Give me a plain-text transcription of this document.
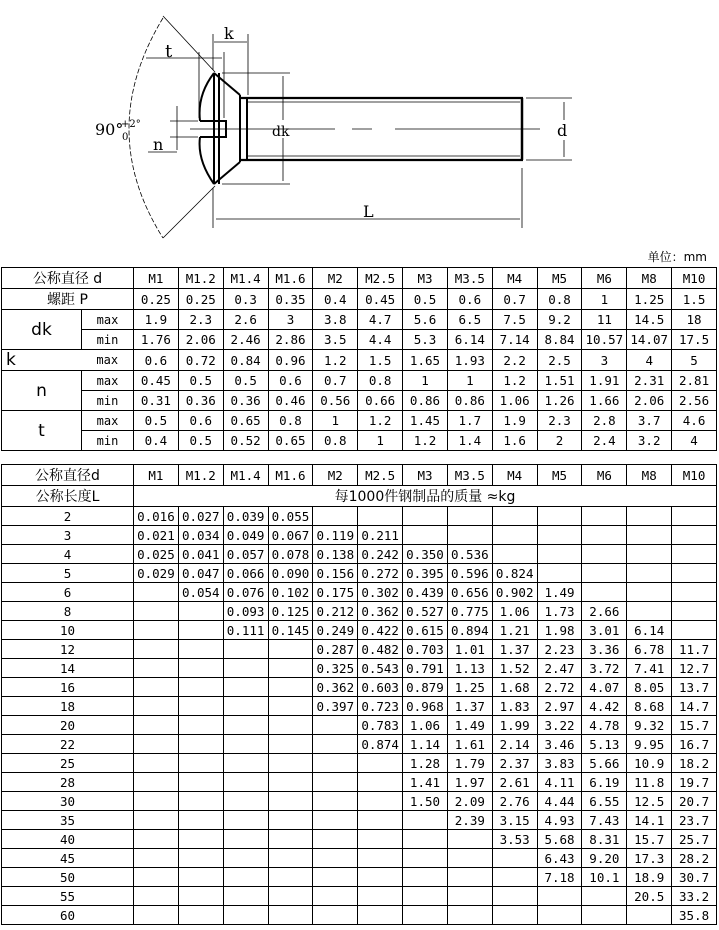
k
t
n
90°
+2°
0	dk	d
L
单位：mm
公称直径 d		M1	M1.2	M1.4	M1.6	M2	M2.5	M3	M3.5	M4	M5	M6	M8	M10
螺距 P		0.25	0.25	0.3	0.35	0.4	0.45	0.5	0.6	0.7	0.8	1	1.25	1.5
dk	max	1.9	2.3	2.6	3	3.8	4.7	5.6	6.5	7.5	9.2	11	14.5	18
	min	1.76	2.06	2.46	2.86	3.5	4.4	5.3	6.14	7.14	8.84	10.57	14.07	17.5
k	max	0.6	0.72	0.84	0.96	1.2	1.5	1.65	1.93	2.2	2.5	3	4	5
n	max	0.45	0.5	0.5	0.6	0.7	0.8	1	1	1.2	1.51	1.91	2.31	2.81
	min	0.31	0.36	0.36	0.46	0.56	0.66	0.86	0.86	1.06	1.26	1.66	2.06	2.56
t	max	0.5	0.6	0.65	0.8	1	1.2	1.45	1.7	1.9	2.3	2.8	3.7	4.6
	min	0.4	0.5	0.52	0.65	0.8	1	1.2	1.4	1.6	2	2.4	3.2	4
公称直径d	M1	M1.2	M1.4	M1.6	M2	M2.5	M3	M3.5	M4	M5	M6	M8	M10
公称长度L	每1000件钢制品的质量 ≈kg												
2	0.016	0.027	0.039	0.055									
3	0.021	0.034	0.049	0.067	0.119	0.211							
4	0.025	0.041	0.057	0.078	0.138	0.242	0.350	0.536					
5	0.029	0.047	0.066	0.090	0.156	0.272	0.395	0.596	0.824				
6		0.054	0.076	0.102	0.175	0.302	0.439	0.656	0.902	1.49			
8			0.093	0.125	0.212	0.362	0.527	0.775	1.06	1.73	2.66		
10			0.111	0.145	0.249	0.422	0.615	0.894	1.21	1.98	3.01	6.14	
12					0.287	0.482	0.703	1.01	1.37	2.23	3.36	6.78	11.7
14					0.325	0.543	0.791	1.13	1.52	2.47	3.72	7.41	12.7
16					0.362	0.603	0.879	1.25	1.68	2.72	4.07	8.05	13.7
18					0.397	0.723	0.968	1.37	1.83	2.97	4.42	8.68	14.7
20						0.783	1.06	1.49	1.99	3.22	4.78	9.32	15.7
22						0.874	1.14	1.61	2.14	3.46	5.13	9.95	16.7
25							1.28	1.79	2.37	3.83	5.66	10.9	18.2
28							1.41	1.97	2.61	4.11	6.19	11.8	19.7
30							1.50	2.09	2.76	4.44	6.55	12.5	20.7
35								2.39	3.15	4.93	7.43	14.1	23.7
40									3.53	5.68	8.31	15.7	25.7
45										6.43	9.20	17.3	28.2
50										7.18	10.1	18.9	30.7
55												20.5	33.2
60													35.8
